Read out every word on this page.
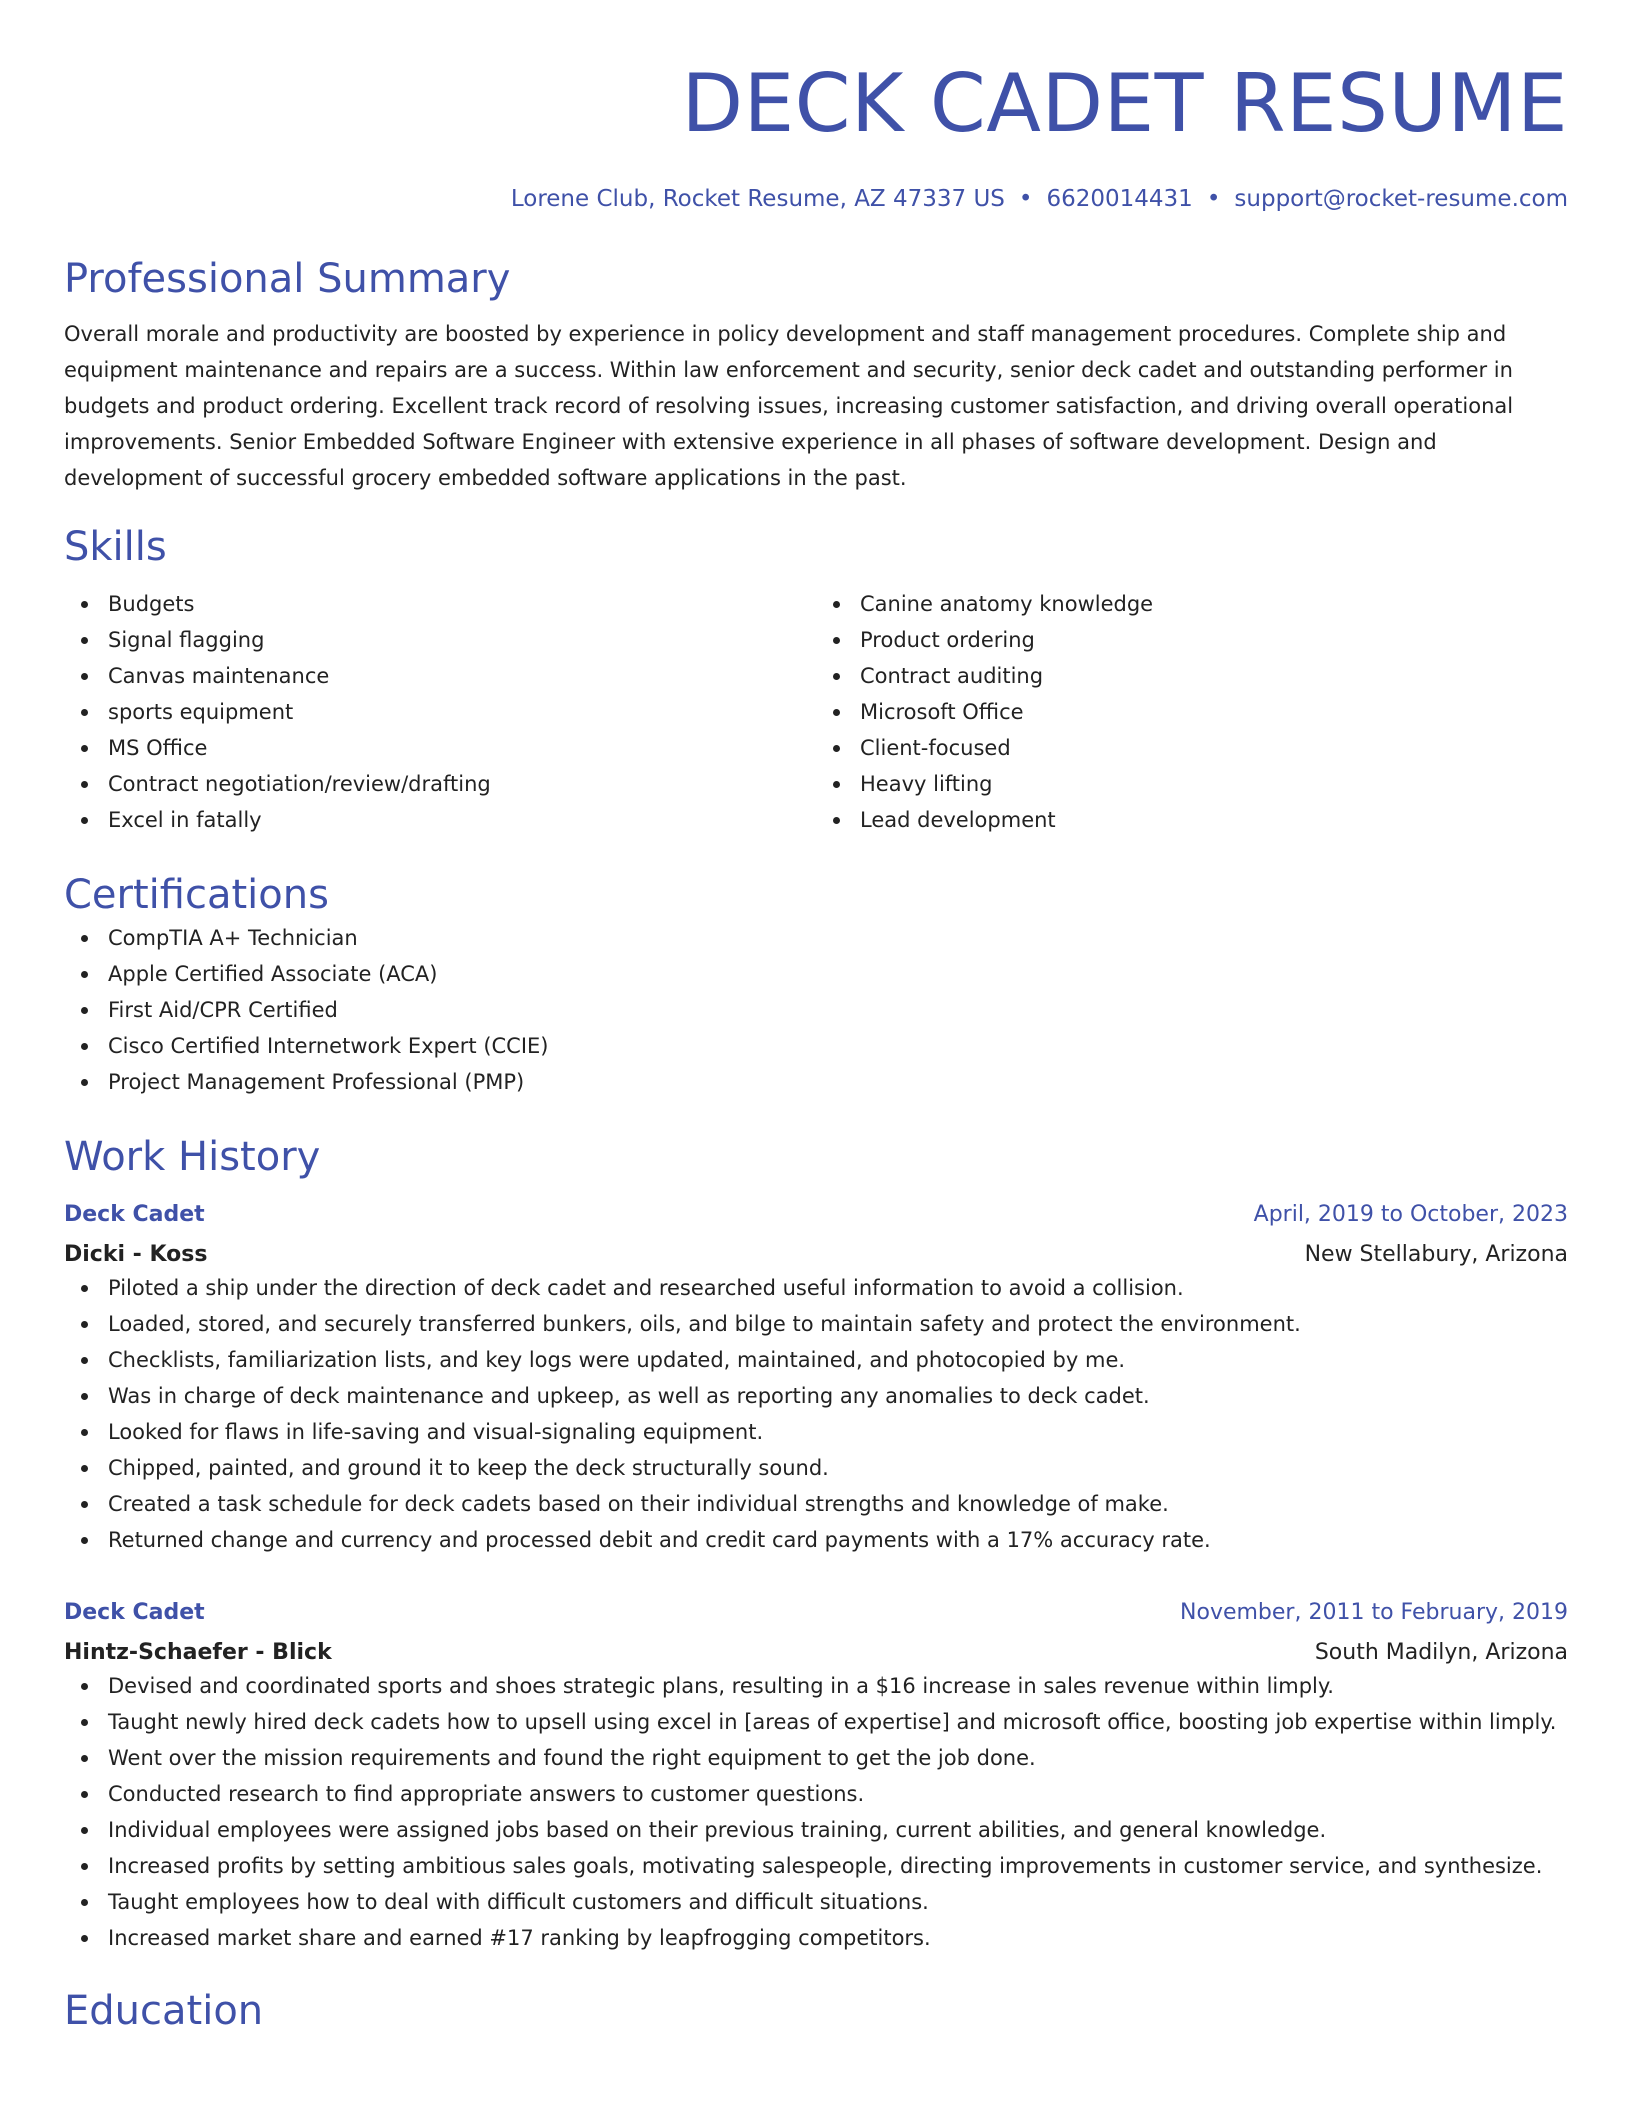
DECK CADET RESUME
Lorene Club, Rocket Resume, AZ 47337 US • 6620014431 • support@rocket-resume.com
Professional Summary

Overall morale and productivity are boosted by experience in policy development and staff management procedures. Complete ship and equipment maintenance and repairs are a success. Within law enforcement and security, senior deck cadet and outstanding performer in budgets and product ordering. Excellent track record of resolving issues, increasing customer satisfaction, and driving overall operational improvements. Senior Embedded Software Engineer with extensive experience in all phases of software development. Design and development of successful grocery embedded software applications in the past.

Skills
Budgets
Signal flagging
Canvas maintenance
sports equipment
MS Office
Contract negotiation/review/drafting
Excel in fatally
Canine anatomy knowledge
Product ordering
Contract auditing
Microsoft Office
Client-focused
Heavy lifting
Lead development
Certifications
CompTIA A+ Technician
Apple Certified Associate (ACA)
First Aid/CPR Certified
Cisco Certified Internetwork Expert (CCIE)
Project Management Professional (PMP)
Work History
Deck Cadet	April, 2019 to October, 2023
Dicki - Koss	New Stellabury, Arizona
Piloted a ship under the direction of deck cadet and researched useful information to avoid a collision.
Loaded, stored, and securely transferred bunkers, oils, and bilge to maintain safety and protect the environment.
Checklists, familiarization lists, and key logs were updated, maintained, and photocopied by me.
Was in charge of deck maintenance and upkeep, as well as reporting any anomalies to deck cadet.
Looked for flaws in life-saving and visual-signaling equipment.
Chipped, painted, and ground it to keep the deck structurally sound.
Created a task schedule for deck cadets based on their individual strengths and knowledge of make.
Returned change and currency and processed debit and credit card payments with a 17% accuracy rate.
Deck Cadet	November, 2011 to February, 2019
Hintz-Schaefer - Blick	South Madilyn, Arizona
Devised and coordinated sports and shoes strategic plans, resulting in a $16 increase in sales revenue within limply.
Taught newly hired deck cadets how to upsell using excel in [areas of expertise] and microsoft office, boosting job expertise within limply.
Went over the mission requirements and found the right equipment to get the job done.
Conducted research to find appropriate answers to customer questions.
Individual employees were assigned jobs based on their previous training, current abilities, and general knowledge.
Increased profits by setting ambitious sales goals, motivating salespeople, directing improvements in customer service, and synthesize.
Taught employees how to deal with difficult customers and difficult situations.
Increased market share and earned #17 ranking by leapfrogging competitors.
Education
